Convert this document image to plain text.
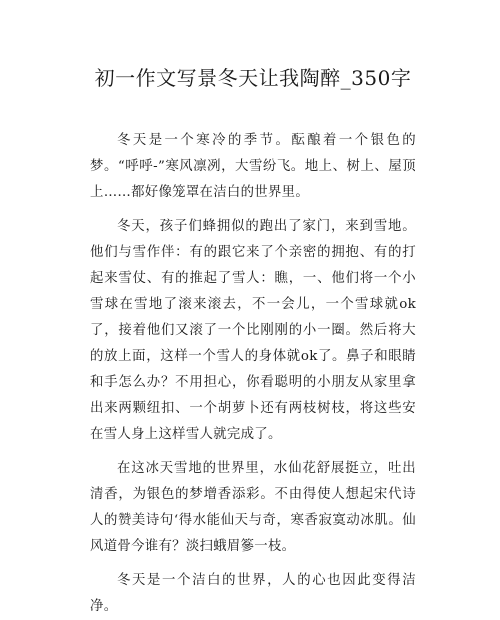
初一作文写景冬天让我陶醉_350字

冬天是一个寒冷的季节。酝酿着一个银色的梦。“呼呼-”寒风凛冽，大雪纷飞。地上、树上、屋顶上……都好像笼罩在洁白的世界里。

冬天，孩子们蜂拥似的跑出了家门，来到雪地。他们与雪作伴：有的跟它来了个亲密的拥抱、有的打起来雪仗、有的推起了雪人：瞧，一、他们将一个小雪球在雪地了滚来滚去，不一会儿，一个雪球就ok了，接着他们又滚了一个比刚刚的小一圈。然后将大的放上面，这样一个雪人的身体就ok了。鼻子和眼睛和手怎么办？不用担心，你看聪明的小朋友从家里拿出来两颗纽扣、一个胡萝卜还有两枝树枝，将这些安在雪人身上这样雪人就完成了。

在这冰天雪地的世界里，水仙花舒展挺立，吐出清香，为银色的梦增香添彩。不由得使人想起宋代诗人的赞美诗句‘得水能仙天与奇，寒香寂寞动冰肌。仙风道骨今谁有？淡扫蛾眉篸一枝。

冬天是一个洁白的世界，人的心也因此变得洁净。
